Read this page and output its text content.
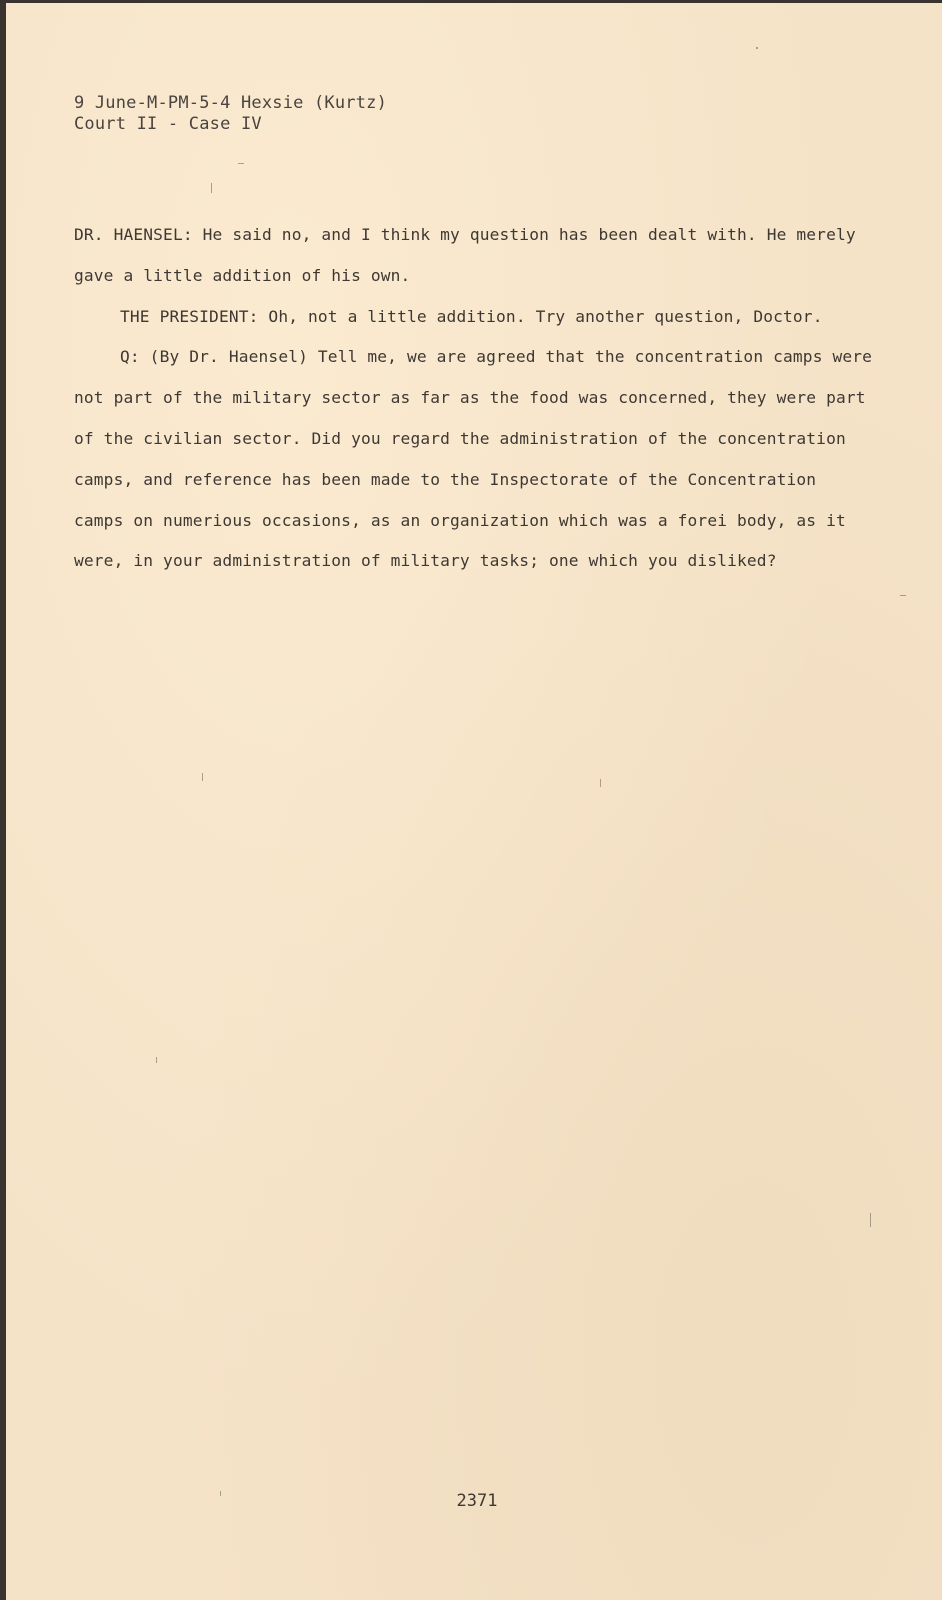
9 June-M-PM-5-4 Hexsie (Kurtz)
Court II - Case IV

DR. HAENSEL: He said no, and I think my question has been dealt with. He merely gave a little addition of his own.

THE PRESIDENT: Oh, not a little addition. Try another question, Doctor.

Q: (By Dr. Haensel) Tell me, we are agreed that the concentration camps were not part of the military sector as far as the food was concerned, they were part of the civilian sector. Did you regard the administration of the concentration camps, and reference has been made to the Inspectorate of the Concentration camps on numerious occasions, as an organization which was a forei body, as it were, in your administration of military tasks; one which you disliked?

2371
